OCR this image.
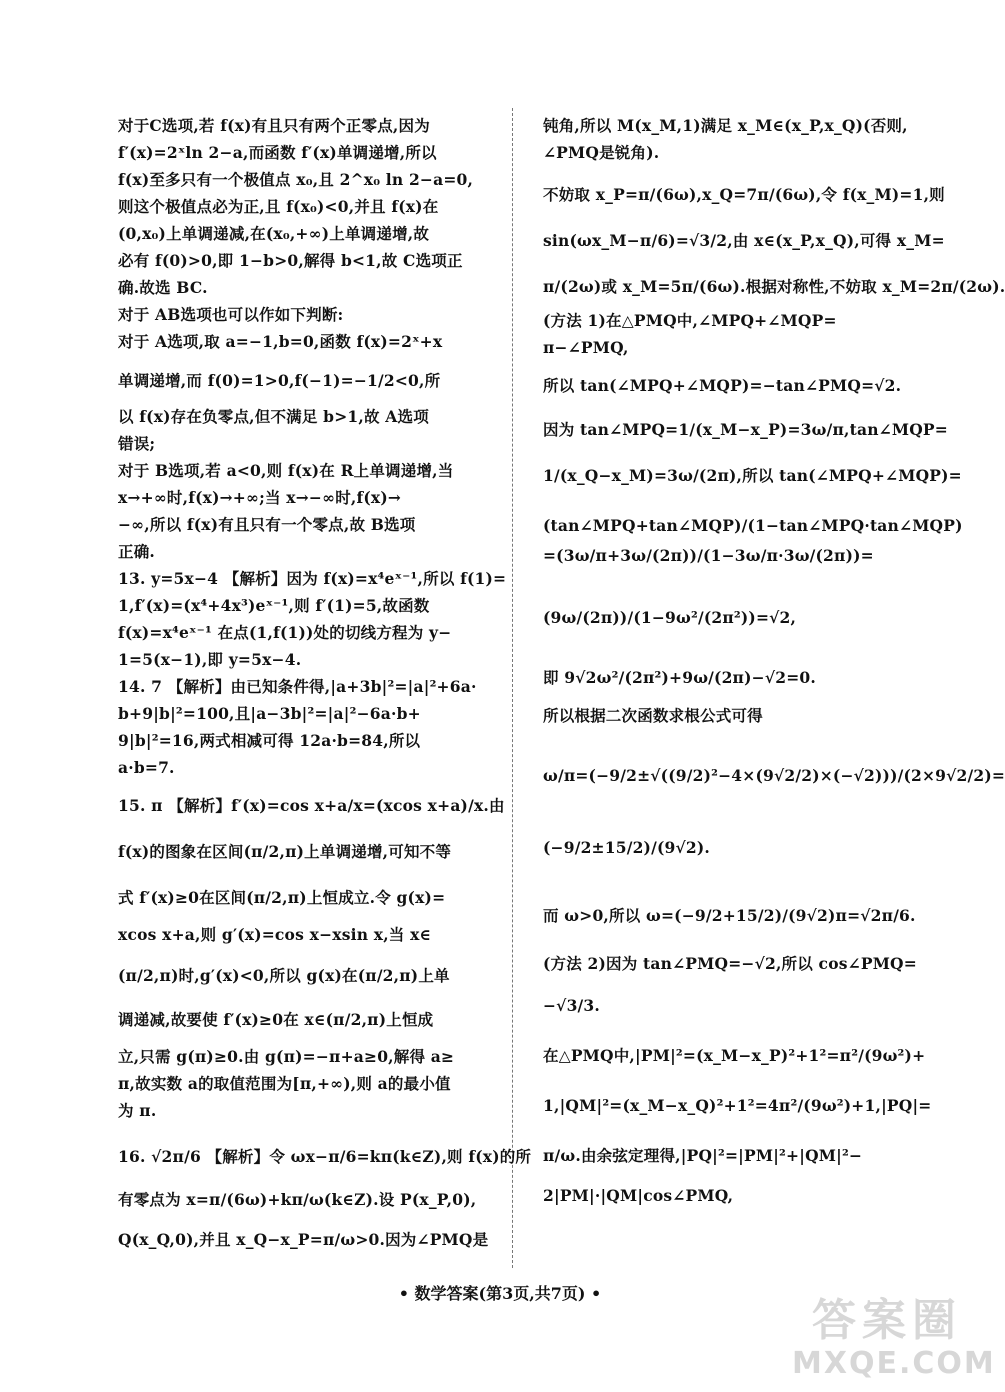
对于C选项,若 f(x)有且只有两个正零点,因为
f′(x)=2ˣln 2−a,而函数 f′(x)单调递增,所以
f(x)至多只有一个极值点 x₀,且 2^x₀ ln 2−a=0,
则这个极值点必为正,且 f(x₀)<0,并且 f(x)在
(0,x₀)上单调递减,在(x₀,+∞)上单调递增,故
必有 f(0)>0,即 1−b>0,解得 b<1,故 C选项正
确.故选 BC.
对于 AB选项也可以作如下判断:
对于 A选项,取 a=−1,b=0,函数 f(x)=2ˣ+x
单调递增,而 f(0)=1>0,f(−1)=−1/2<0,所
以 f(x)存在负零点,但不满足 b>1,故 A选项
错误;
对于 B选项,若 a<0,则 f(x)在 R上单调递增,当
x→+∞时,f(x)→+∞;当 x→−∞时,f(x)→
−∞,所以 f(x)有且只有一个零点,故 B选项
正确.
13. y=5x−4 【解析】因为 f(x)=x⁴eˣ⁻¹,所以 f(1)=
1,f′(x)=(x⁴+4x³)eˣ⁻¹,则 f′(1)=5,故函数
f(x)=x⁴eˣ⁻¹ 在点(1,f(1))处的切线方程为 y−
1=5(x−1),即 y=5x−4.
14. 7 【解析】由已知条件得,|a+3b|²=|a|²+6a·
b+9|b|²=100,且|a−3b|²=|a|²−6a·b+
9|b|²=16,两式相减可得 12a·b=84,所以
a·b=7.
15. π 【解析】f′(x)=cos x+a/x=(xcos x+a)/x.由
f(x)的图象在区间(π/2,π)上单调递增,可知不等
式 f′(x)≥0在区间(π/2,π)上恒成立.令 g(x)=
xcos x+a,则 g′(x)=cos x−xsin x,当 x∈
(π/2,π)时,g′(x)<0,所以 g(x)在(π/2,π)上单
调递减,故要使 f′(x)≥0在 x∈(π/2,π)上恒成
立,只需 g(π)≥0.由 g(π)=−π+a≥0,解得 a≥
π,故实数 a的取值范围为[π,+∞),则 a的最小值
为 π.
16. √2π/6 【解析】令 ωx−π/6=kπ(k∈Z),则 f(x)的所
有零点为 x=π/(6ω)+kπ/ω(k∈Z).设 P(x_P,0),
Q(x_Q,0),并且 x_Q−x_P=π/ω>0.因为∠PMQ是
钝角,所以 M(x_M,1)满足 x_M∈(x_P,x_Q)(否则,
∠PMQ是锐角).
不妨取 x_P=π/(6ω),x_Q=7π/(6ω),令 f(x_M)=1,则
sin(ωx_M−π/6)=√3/2,由 x∈(x_P,x_Q),可得 x_M=
π/(2ω)或 x_M=5π/(6ω).根据对称性,不妨取 x_M=2π/(2ω).
(方法 1)在△PMQ中,∠MPQ+∠MQP=
π−∠PMQ,
所以 tan(∠MPQ+∠MQP)=−tan∠PMQ=√2.
因为 tan∠MPQ=1/(x_M−x_P)=3ω/π,tan∠MQP=
1/(x_Q−x_M)=3ω/(2π),所以 tan(∠MPQ+∠MQP)=
(tan∠MPQ+tan∠MQP)/(1−tan∠MPQ·tan∠MQP)
=(3ω/π+3ω/(2π))/(1−3ω/π·3ω/(2π))=
(9ω/(2π))/(1−9ω²/(2π²))=√2,
即 9√2ω²/(2π²)+9ω/(2π)−√2=0.
所以根据二次函数求根公式可得
ω/π=(−9/2±√((9/2)²−4×(9√2/2)×(−√2)))/(2×9√2/2)=
(−9/2±15/2)/(9√2).
而 ω>0,所以 ω=(−9/2+15/2)/(9√2)π=√2π/6.
(方法 2)因为 tan∠PMQ=−√2,所以 cos∠PMQ=
−√3/3.
在△PMQ中,|PM|²=(x_M−x_P)²+1²=π²/(9ω²)+
1,|QM|²=(x_M−x_Q)²+1²=4π²/(9ω²)+1,|PQ|=
π/ω.由余弦定理得,|PQ|²=|PM|²+|QM|²−
2|PM|·|QM|cos∠PMQ,
• 数学答案(第3页,共7页) •
答案圈
MXQE.COM
